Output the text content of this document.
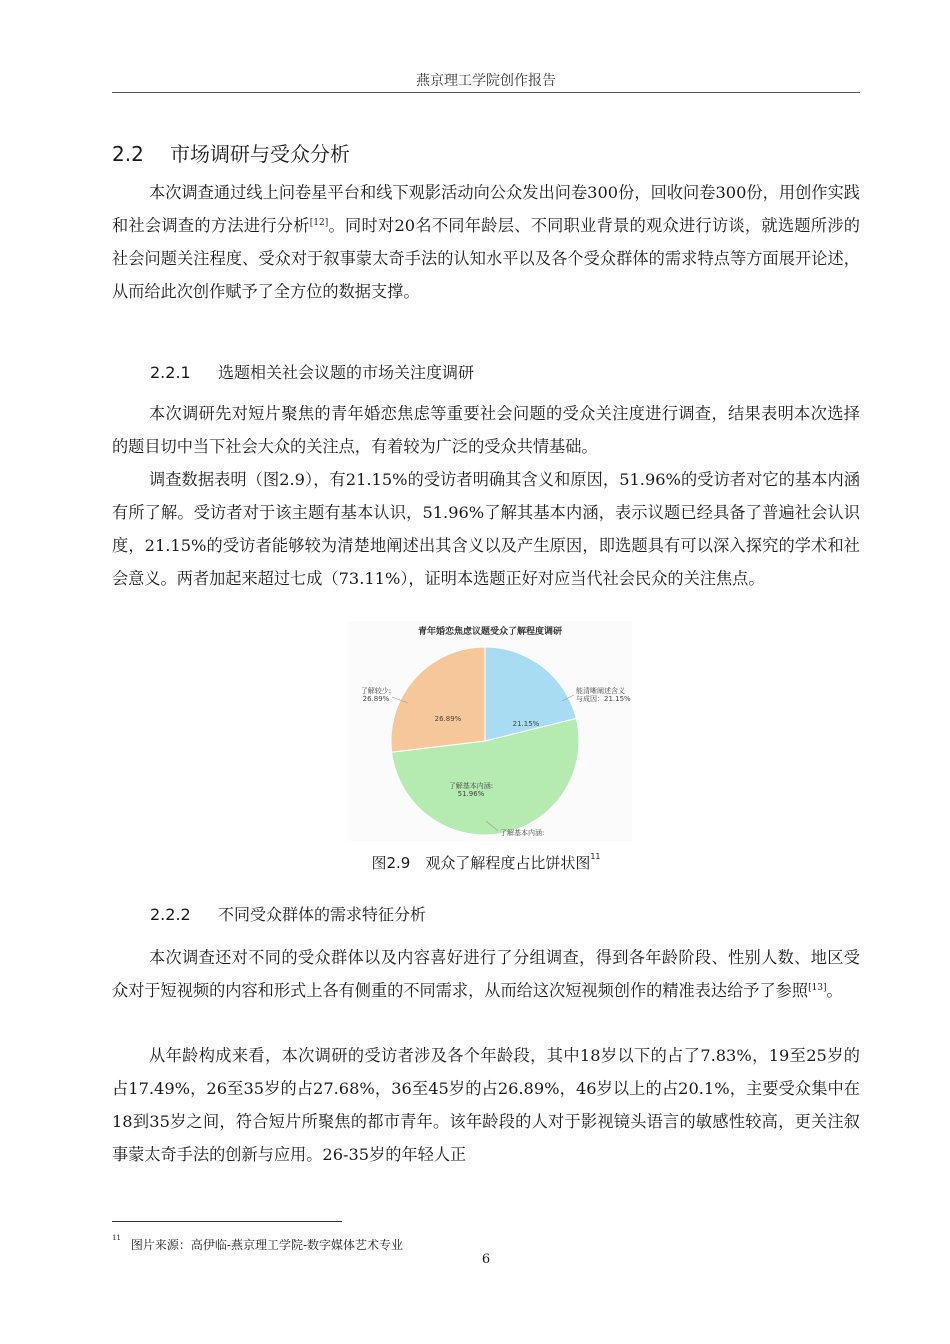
燕京理工学院创作报告
2.2 市场调研与受众分析
本次调查通过线上问卷星平台和线下观影活动向公众发出问卷300份，回收问卷300份，用创作实践和社会调查的方法进行分析[12]。同时对20名不同年龄层、不同职业背景的观众进行访谈，就选题所涉的社会问题关注程度、受众对于叙事蒙太奇手法的认知水平以及各个受众群体的需求特点等方面展开论述，从而给此次创作赋予了全方位的数据支撑。
2.2.1 选题相关社会议题的市场关注度调研
本次调研先对短片聚焦的青年婚恋焦虑等重要社会问题的受众关注度进行调查，结果表明本次选择的题目切中当下社会大众的关注点，有着较为广泛的受众共情基础。
调查数据表明（图2.9），有21.15%的受访者明确其含义和原因，51.96%的受访者对它的基本内涵有所了解。受访者对于该主题有基本认识，51.96%了解其基本内涵，表示议题已经具备了普遍社会认识度，21.15%的受访者能够较为清楚地阐述出其含义以及产生原因，即选题具有可以深入探究的学术和社会意义。两者加起来超过七成（73.11%），证明本选题正好对应当代社会民众的关注焦点。
青年婚恋焦虑议题受众了解程度调研
26.89%
21.15%
了解基本内涵:
51.96%
了解较少:
26.89%
能清晰阐述含义
与成因：21.15%
了解基本内涵:
图2.9　观众了解程度占比饼状图$^{11}$
2.2.2 不同受众群体的需求特征分析
本次调查还对不同的受众群体以及内容喜好进行了分组调查，得到各年龄阶段、性别人数、地区受众对于短视频的内容和形式上各有侧重的不同需求，从而给这次短视频创作的精准表达给予了参照[13]。
从年龄构成来看，本次调研的受访者涉及各个年龄段，其中18岁以下的占了7.83%，19至25岁的占17.49%，26至35岁的占27.68%，36至45岁的占26.89%，46岁以上的占20.1%，主要受众集中在18到35岁之间，符合短片所聚焦的都市青年。该年龄段的人对于影视镜头语言的敏感性较高，更关注叙事蒙太奇手法的创新与应用。26-35岁的年轻人正
$^{11}$ 图片来源：高伊临-燕京理工学院-数字媒体艺术专业
6
